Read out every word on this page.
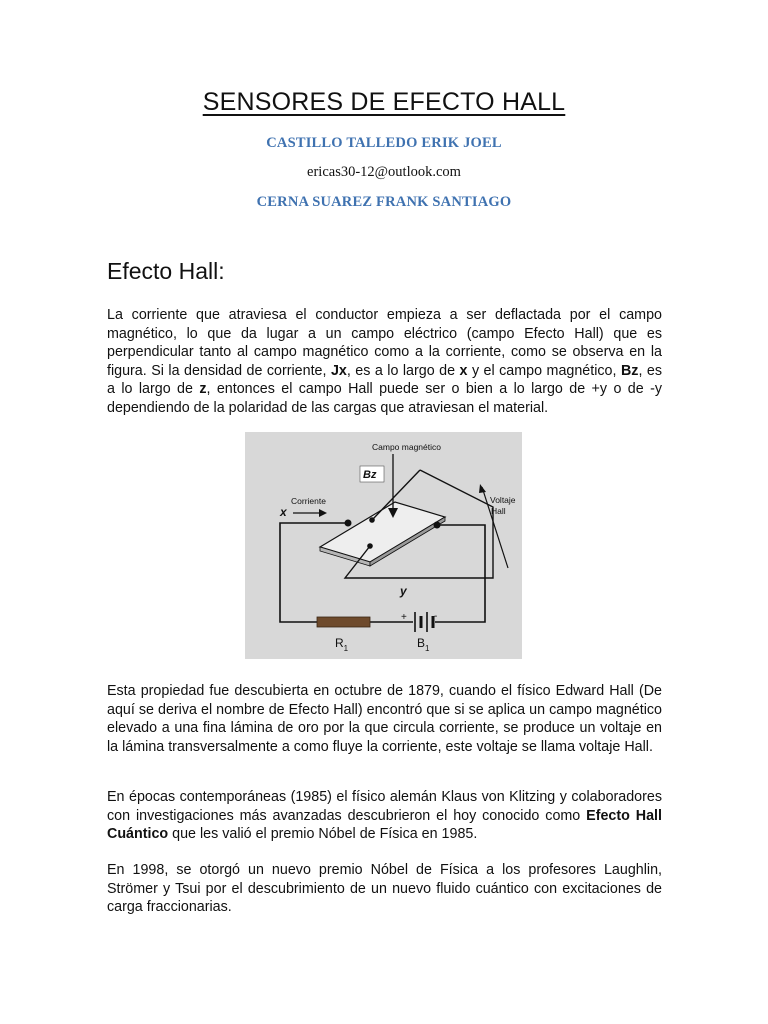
SENSORES DE EFECTO HALL
CASTILLO TALLEDO ERIK JOEL
ericas30-12@outlook.com
CERNA SUAREZ FRANK SANTIAGO
Efecto Hall:
La corriente que atraviesa el conductor empieza a ser deflactada por el campo magnético, lo que da lugar a un campo eléctrico (campo Efecto Hall) que es perpendicular tanto al campo magnético como a la corriente, como se observa en la figura. Si la densidad de corriente, Jx, es a lo largo de x y el campo magnético, Bz, es a lo largo de z, entonces el campo Hall puede ser o bien a lo largo de +y o de -y dependiendo de la polaridad de las cargas que atraviesan el material.
Campo magnético
Bz
Corriente
x
Voltaje
Hall
y
+	-
$R_1$	$B_1$
Esta propiedad fue descubierta en octubre de 1879, cuando el físico Edward Hall (De aquí se deriva el nombre de Efecto Hall) encontró que si se aplica un campo magnético elevado a una fina lámina de oro por la que circula corriente, se produce un voltaje en la lámina transversalmente a como fluye la corriente, este voltaje se llama voltaje Hall.
En épocas contemporáneas (1985) el físico alemán Klaus von Klitzing y colaboradores con investigaciones más avanzadas descubrieron el hoy conocido como Efecto Hall Cuántico que les valió el premio Nóbel de Física en 1985.
En 1998, se otorgó un nuevo premio Nóbel de Física a los profesores Laughlin, Strömer y Tsui por el descubrimiento de un nuevo fluido cuántico con excitaciones de carga fraccionarias.
